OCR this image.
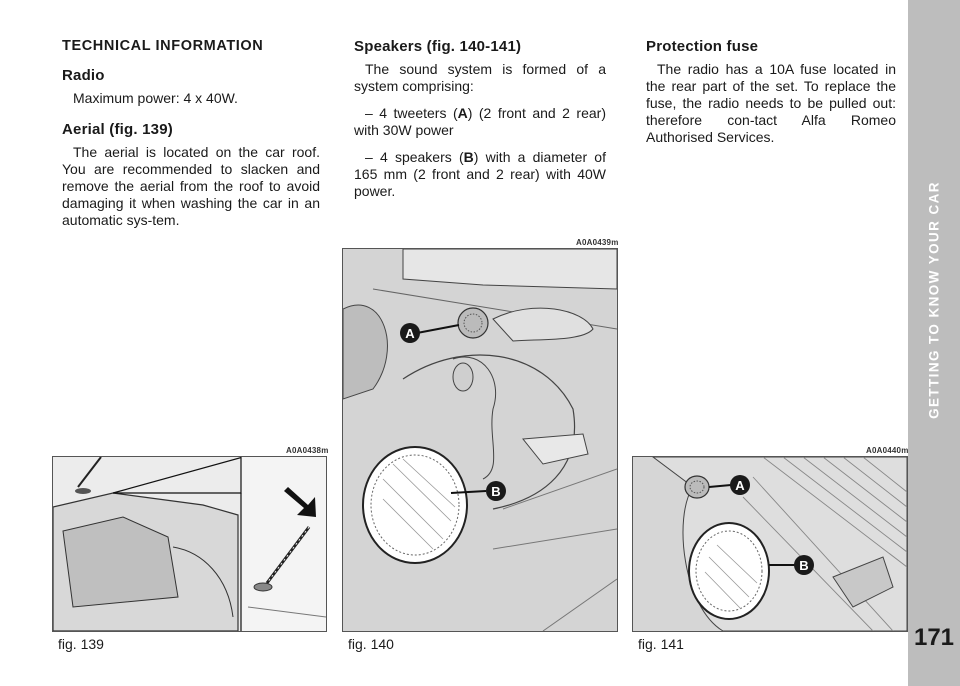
TECHNICAL INFORMATION
Radio

Maximum power: 4 x 40W.

Aerial (fig. 139)

The aerial is located on the car roof. You are recommended to slacken and remove the aerial from the roof to avoid damaging it when washing the car in an automatic sys-tem.

Speakers (fig. 140-141)

The sound system is formed of a system comprising:

– 4 tweeters (A) (2 front and 2 rear) with 30W power

– 4 speakers (B) with a diameter of 165 mm (2 front and 2 rear) with 40W power.

Protection fuse

The radio has a 10A fuse located in the rear part of the set. To replace the fuse, the radio needs to be pulled out: therefore con-tact Alfa Romeo Authorised Services.

GETTING TO KNOW YOUR CAR
171
A0A0438m
fig. 139
A0A0439m
A
B
fig. 140
A0A0440m
A
B
fig. 141
